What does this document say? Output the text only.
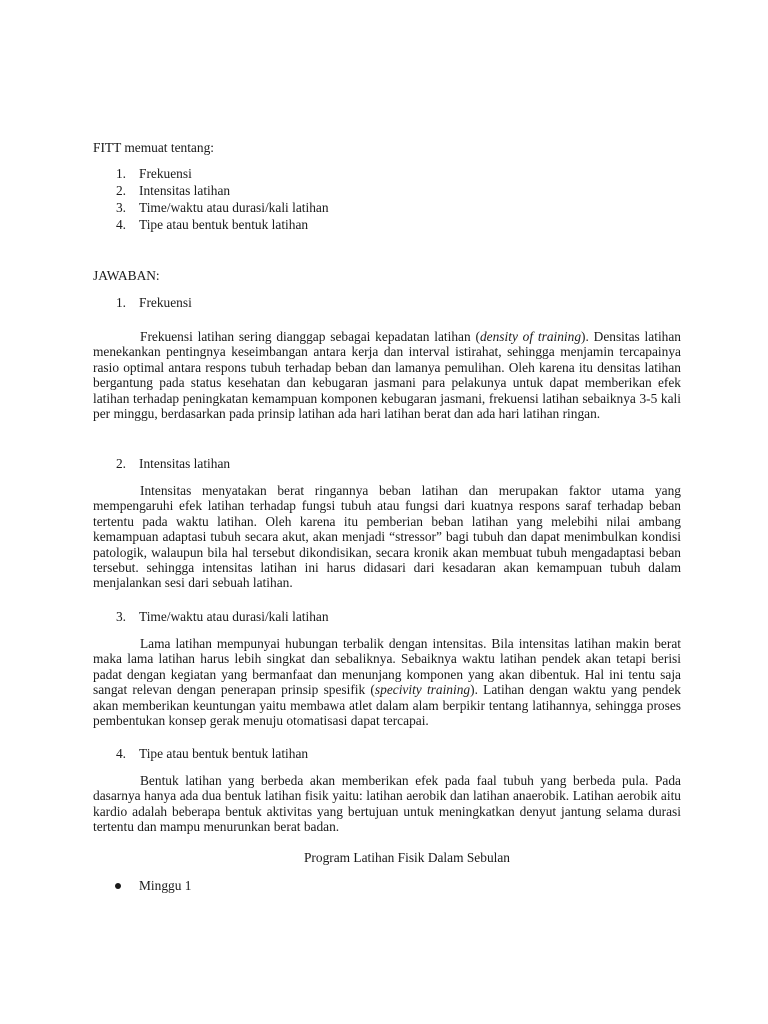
FITT memuat tentang:
1. Frekuensi
2. Intensitas latihan
3. Time/waktu atau durasi/kali latihan
4. Tipe atau bentuk bentuk latihan
JAWABAN:
1. Frekuensi

Frekuensi latihan sering dianggap sebagai kepadatan latihan (density of training). Densitas latihan menekankan pentingnya keseimbangan antara kerja dan interval istirahat, sehingga menjamin tercapainya rasio optimal antara respons tubuh terhadap beban dan lamanya pemulihan. Oleh karena itu densitas latihan bergantung pada status kesehatan dan kebugaran jasmani para pelakunya untuk dapat memberikan efek latihan terhadap peningkatan kemampuan komponen kebugaran jasmani, frekuensi latihan sebaiknya 3-5 kali per minggu, berdasarkan pada prinsip latihan ada hari latihan berat dan ada hari latihan ringan.

2. Intensitas latihan

Intensitas menyatakan berat ringannya beban latihan dan merupakan faktor utama yang mempengaruhi efek latihan terhadap fungsi tubuh atau fungsi dari kuatnya respons saraf terhadap beban tertentu pada waktu latihan. Oleh karena itu pemberian beban latihan yang melebihi nilai ambang kemampuan adaptasi tubuh secara akut, akan menjadi “stressor” bagi tubuh dan dapat menimbulkan kondisi patologik, walaupun bila hal tersebut dikondisikan, secara kronik akan membuat tubuh mengadaptasi beban tersebut. sehingga intensitas latihan ini harus didasari dari kesadaran akan kemampuan tubuh dalam menjalankan sesi dari sebuah latihan.

3. Time/waktu atau durasi/kali latihan

Lama latihan mempunyai hubungan terbalik dengan intensitas. Bila intensitas latihan makin berat maka lama latihan harus lebih singkat dan sebaliknya. Sebaiknya waktu latihan pendek akan tetapi berisi padat dengan kegiatan yang bermanfaat dan menunjang komponen yang akan dibentuk. Hal ini tentu saja sangat relevan dengan penerapan prinsip spesifik (specivity training). Latihan dengan waktu yang pendek akan memberikan keuntungan yaitu membawa atlet dalam alam berpikir tentang latihannya, sehingga proses pembentukan konsep gerak menuju otomatisasi dapat tercapai.

4. Tipe atau bentuk bentuk latihan

Bentuk latihan yang berbeda akan memberikan efek pada faal tubuh yang berbeda pula. Pada dasarnya hanya ada dua bentuk latihan fisik yaitu: latihan aerobik dan latihan anaerobik. Latihan aerobik aitu kardio adalah beberapa bentuk aktivitas yang bertujuan untuk meningkatkan denyut jantung selama durasi tertentu dan mampu menurunkan berat badan.

Program Latihan Fisik Dalam Sebulan
Minggu 1
